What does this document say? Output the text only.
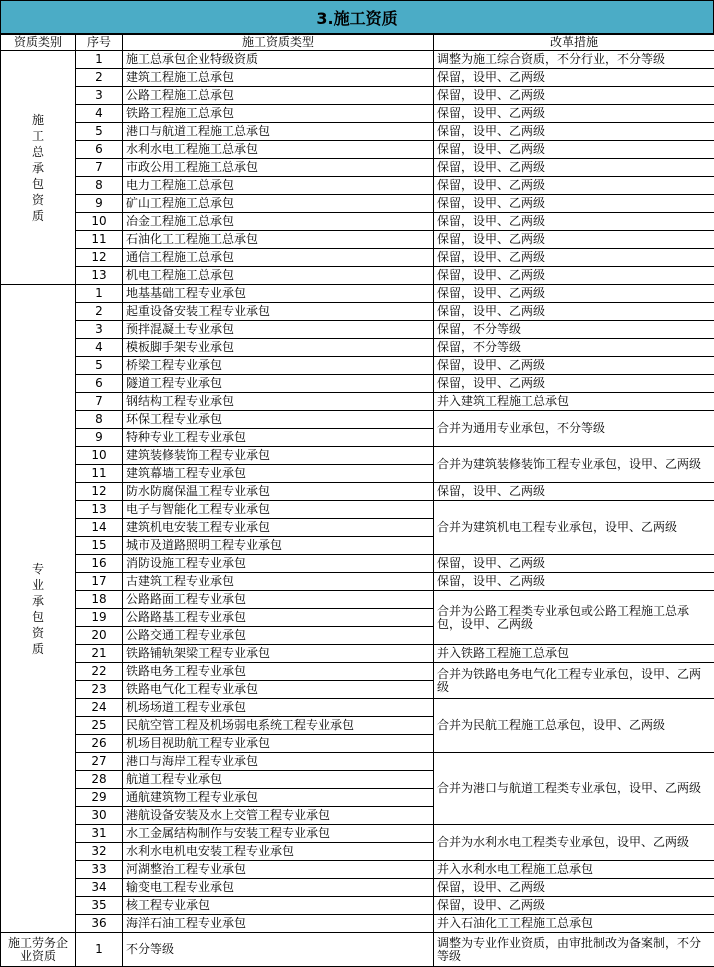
3.施工资质
资质类别	序号	施工资质类型	改革措施
施工总承包资质	1	施工总承包企业特级资质	调整为施工综合资质，不分行业，不分等级
	2	建筑工程施工总承包	保留，设甲、乙两级
	3	公路工程施工总承包	保留，设甲、乙两级
	4	铁路工程施工总承包	保留，设甲、乙两级
	5	港口与航道工程施工总承包	保留，设甲、乙两级
	6	水利水电工程施工总承包	保留，设甲、乙两级
	7	市政公用工程施工总承包	保留，设甲、乙两级
	8	电力工程施工总承包	保留，设甲、乙两级
	9	矿山工程施工总承包	保留，设甲、乙两级
	10	冶金工程施工总承包	保留，设甲、乙两级
	11	石油化工工程施工总承包	保留，设甲、乙两级
	12	通信工程施工总承包	保留，设甲、乙两级
	13	机电工程施工总承包	保留，设甲、乙两级
专业承包资质	1	地基基础工程专业承包	保留，设甲、乙两级
	2	起重设备安装工程专业承包	保留，设甲、乙两级
	3	预拌混凝土专业承包	保留，不分等级
	4	模板脚手架专业承包	保留，不分等级
	5	桥梁工程专业承包	保留，设甲、乙两级
	6	隧道工程专业承包	保留，设甲、乙两级
	7	钢结构工程专业承包	并入建筑工程施工总承包
	8	环保工程专业承包	合并为通用专业承包，不分等级
	9	特种专业工程专业承包	
	10	建筑装修装饰工程专业承包	合并为建筑装修装饰工程专业承包，设甲、乙两级
	11	建筑幕墙工程专业承包	
	12	防水防腐保温工程专业承包	保留，设甲、乙两级
	13	电子与智能化工程专业承包	合并为建筑机电工程专业承包，设甲、乙两级
	14	建筑机电安装工程专业承包	
	15	城市及道路照明工程专业承包	
	16	消防设施工程专业承包	保留，设甲、乙两级
	17	古建筑工程专业承包	保留，设甲、乙两级
	18	公路路面工程专业承包	合并为公路工程类专业承包或公路工程施工总承包，设甲、乙两级
	19	公路路基工程专业承包	
	20	公路交通工程专业承包	
	21	铁路铺轨架梁工程专业承包	并入铁路工程施工总承包
	22	铁路电务工程专业承包	合并为铁路电务电气化工程专业承包，设甲、乙两级
	23	铁路电气化工程专业承包	
	24	机场场道工程专业承包	合并为民航工程施工总承包，设甲、乙两级
	25	民航空管工程及机场弱电系统工程专业承包	
	26	机场目视助航工程专业承包	
	27	港口与海岸工程专业承包	合并为港口与航道工程类专业承包，设甲、乙两级
	28	航道工程专业承包	
	29	通航建筑物工程专业承包	
	30	港航设备安装及水上交管工程专业承包	
	31	水工金属结构制作与安装工程专业承包	合并为水利水电工程类专业承包，设甲、乙两级
	32	水利水电机电安装工程专业承包	
	33	河湖整治工程专业承包	并入水利水电工程施工总承包
	34	输变电工程专业承包	保留，设甲、乙两级
	35	核工程专业承包	保留，设甲、乙两级
	36	海洋石油工程专业承包	并入石油化工工程施工总承包
施工劳务企业资质	1	不分等级	调整为专业作业资质，由审批制改为备案制，不分等级
